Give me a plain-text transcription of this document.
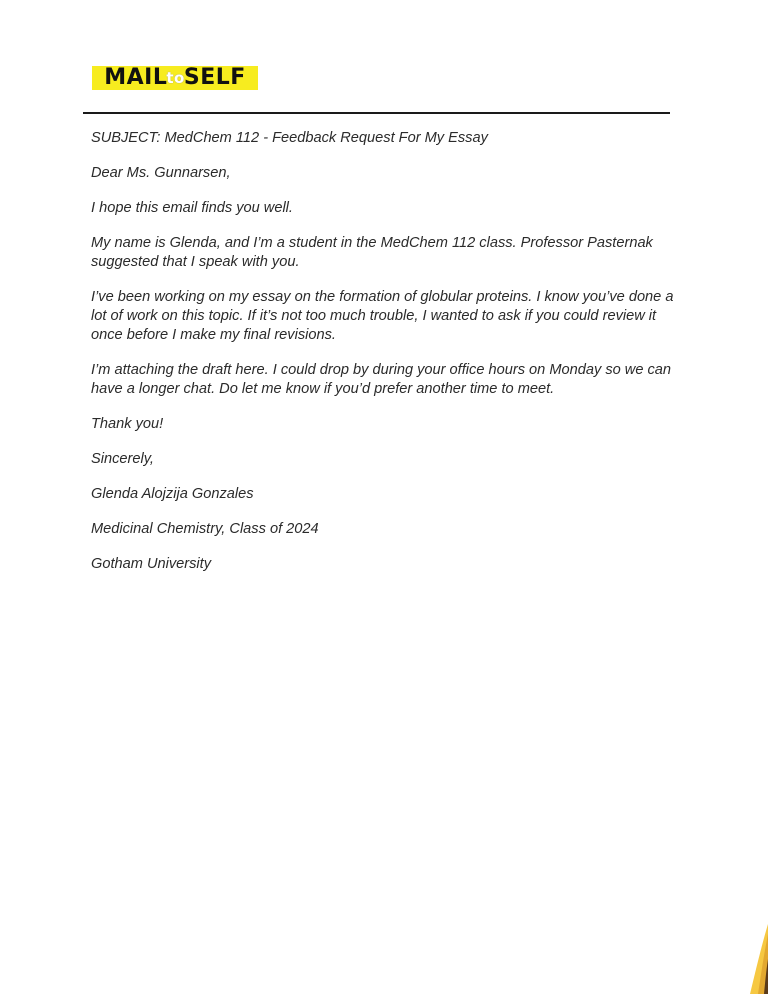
MAIL to SELF

SUBJECT: MedChem 112 - Feedback Request For My Essay

Dear Ms. Gunnarsen,

I hope this email finds you well.

My name is Glenda, and I’m a student in the MedChem 112 class. Professor Pasternak suggested that I speak with you.

I’ve been working on my essay on the formation of globular proteins. I know you’ve done a lot of work on this topic. If it’s not too much trouble, I wanted to ask if you could review it once before I make my final revisions.

I’m attaching the draft here. I could drop by during your office hours on Monday so we can have a longer chat. Do let me know if you’d prefer another time to meet.

Thank you!

Sincerely,

Glenda Alojzija Gonzales

Medicinal Chemistry, Class of 2024

Gotham University
